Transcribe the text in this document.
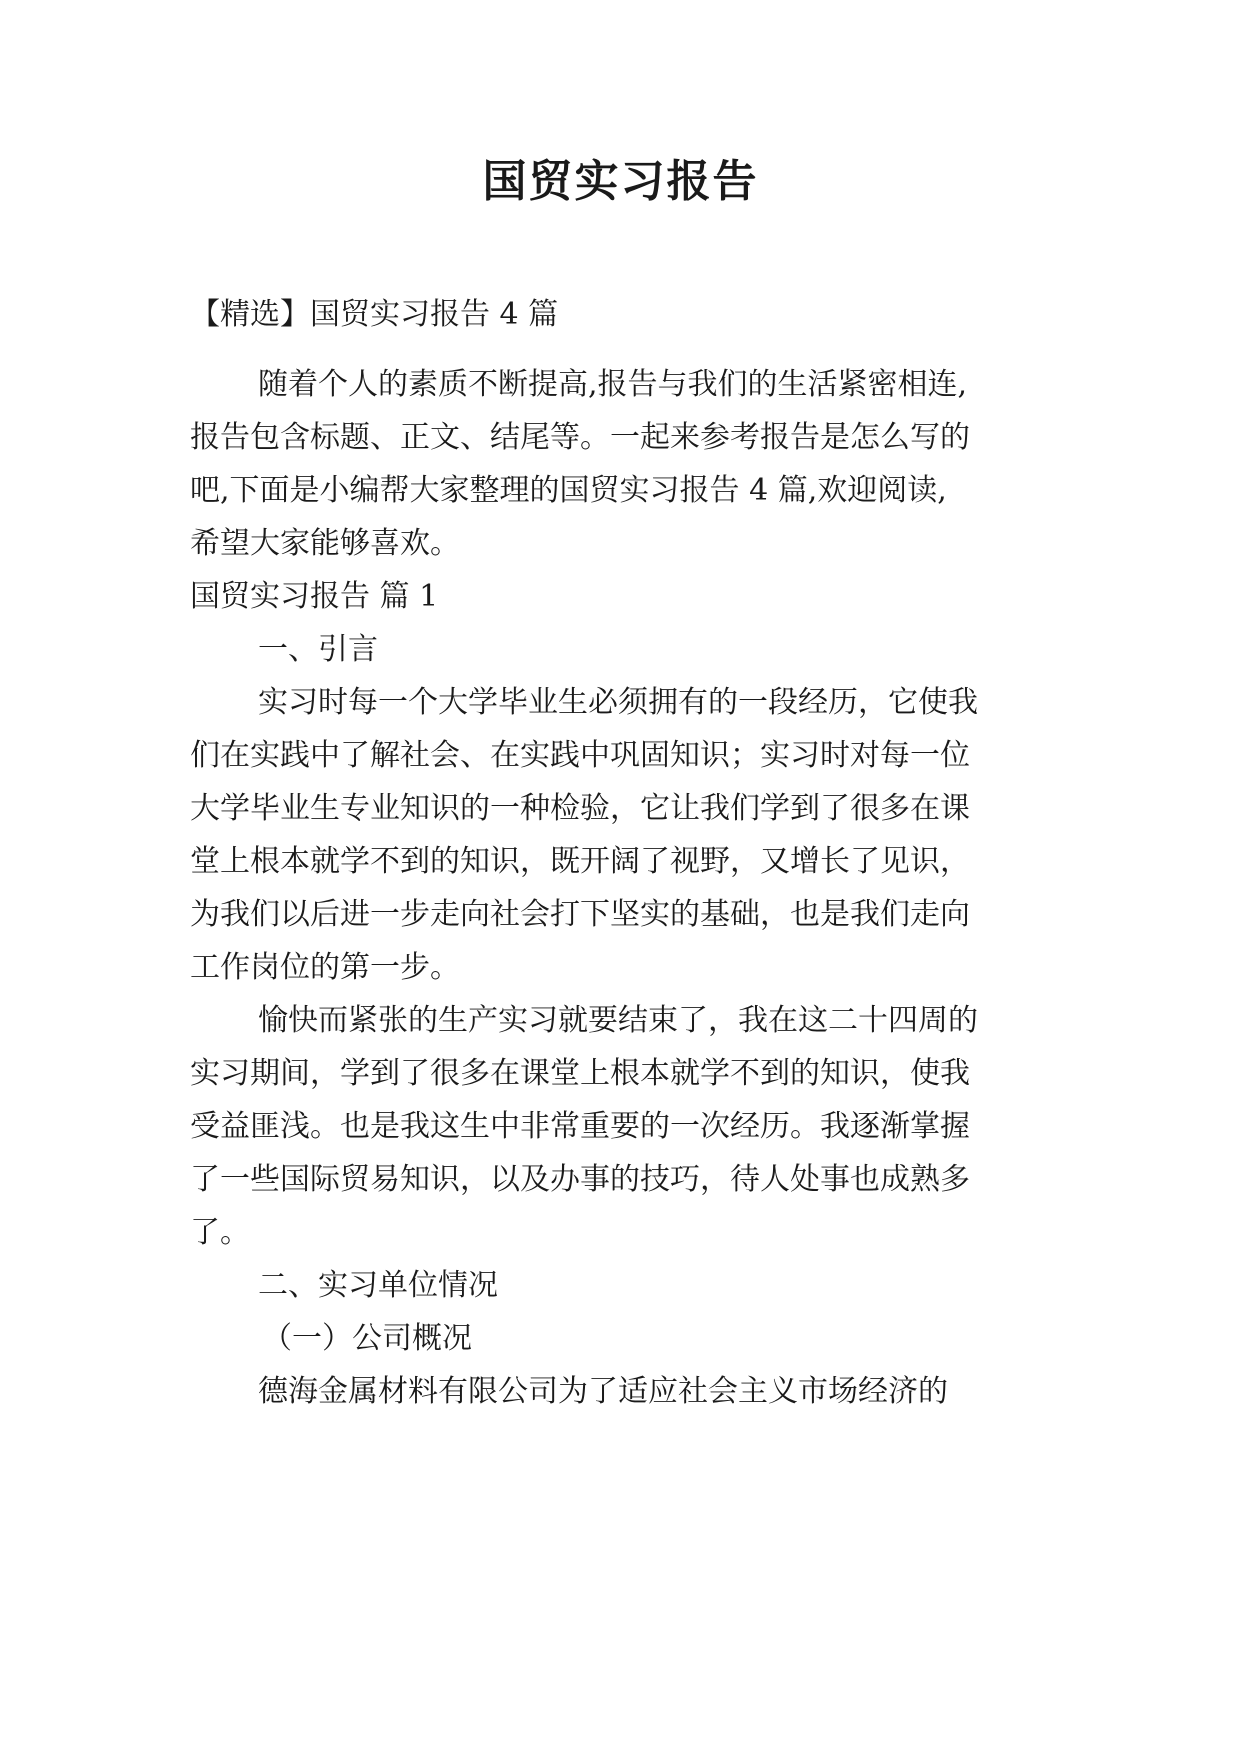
国贸实习报告
【精选】国贸实习报告 4 篇
随着个人的素质不断提高,报告与我们的生活紧密相连,
报告包含标题、正文、结尾等。一起来参考报告是怎么写的
吧,下面是小编帮大家整理的国贸实习报告 4 篇,欢迎阅读,
希望大家能够喜欢。
国贸实习报告 篇 1
一、引言
实习时每一个大学毕业生必须拥有的一段经历，它使我
们在实践中了解社会、在实践中巩固知识；实习时对每一位
大学毕业生专业知识的一种检验，它让我们学到了很多在课
堂上根本就学不到的知识，既开阔了视野，又增长了见识，
为我们以后进一步走向社会打下坚实的基础，也是我们走向
工作岗位的第一步。
愉快而紧张的生产实习就要结束了，我在这二十四周的
实习期间，学到了很多在课堂上根本就学不到的知识，使我
受益匪浅。也是我这生中非常重要的一次经历。我逐渐掌握
了一些国际贸易知识，以及办事的技巧，待人处事也成熟多
了。
二、实习单位情况
（一）公司概况
德海金属材料有限公司为了适应社会主义市场经济的
